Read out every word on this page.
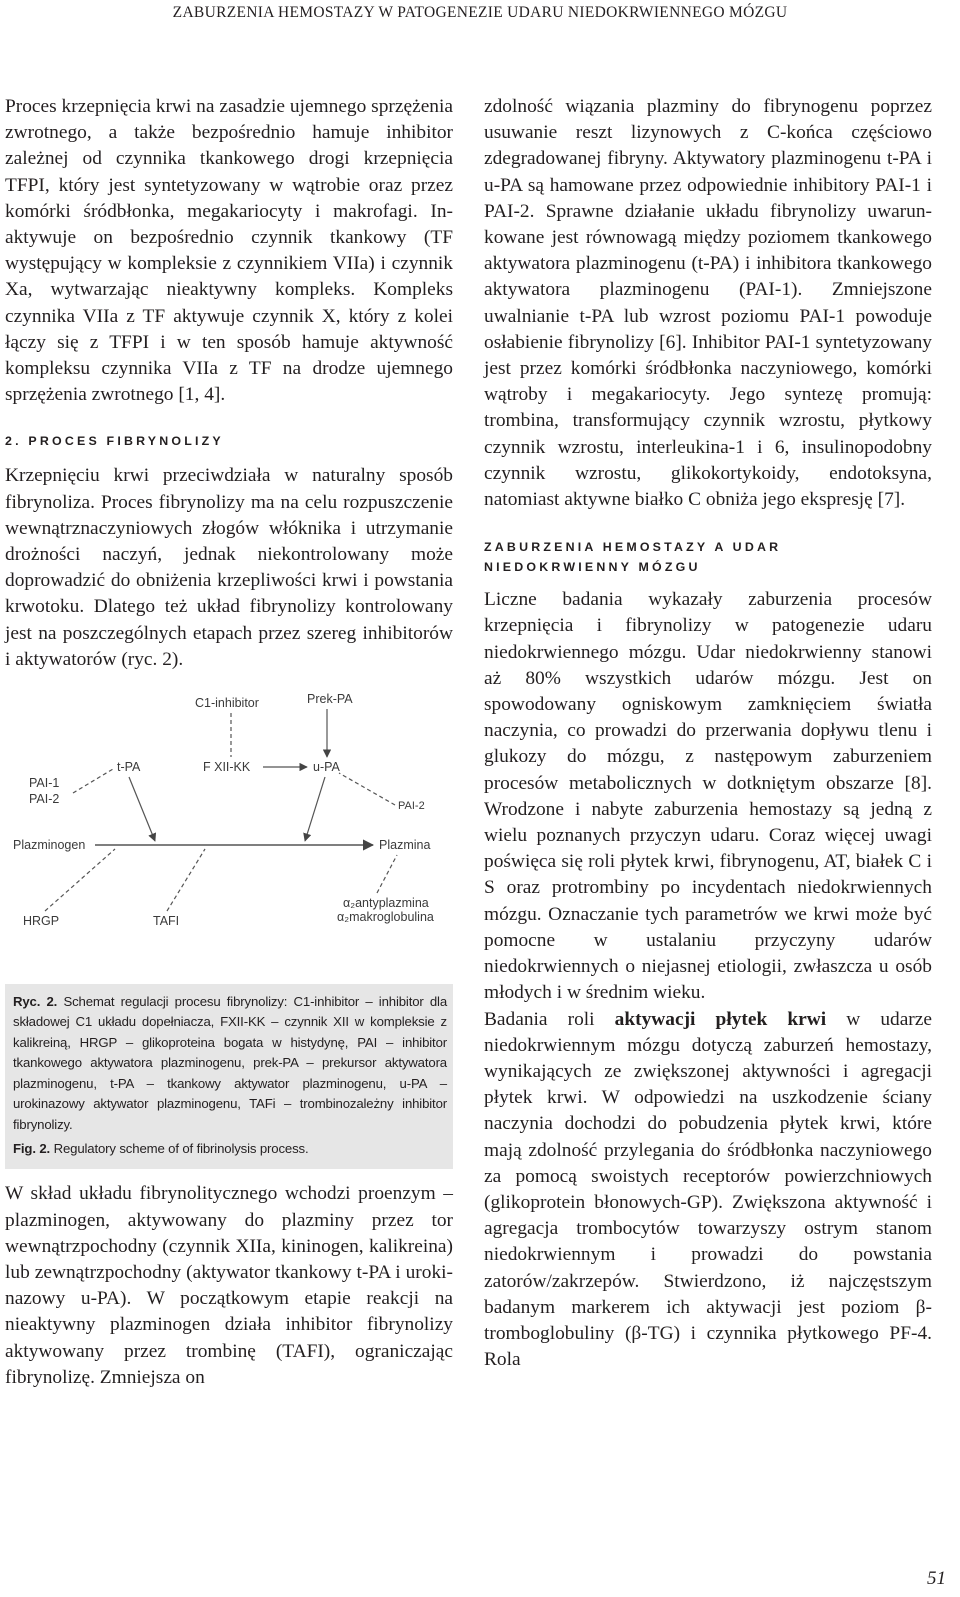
ZABURZENIA HEMOSTAZY W PATOGENEZIE UDARU NIEDOKRWIENNEGO MÓZGU

Proces krzepnięcia krwi na zasadzie ujemnego sprzężenia zwrotnego, a także bezpośrednio hamuje inhibitor zależnej od czynnika tkankowego drogi krzepnięcia TFPI, który jest syntetyzowany w wątrobie oraz przez komórki śródbłonka, megakariocyty i makrofagi. Inaktywuje on bezpośrednio czynnik tkankowy (TF występujący w kompleksie z czynnikiem VIIa) i czynnik Xa, wytwarzając nieaktywny kompleks. Kompleks czynnika VIIa z TF aktywuje czynnik X, który z kolei łączy się z TFPI i w ten sposób hamuje aktywność kompleksu czynnika VIIa z TF na drodze ujemnego sprzężenia zwrotnego [1, 4].

2. PROCES FIBRYNOLIZY

Krzepnięciu krwi przeciwdziała w naturalny sposób fibrynoliza. Proces fibrynolizy ma na celu rozpuszczenie wewnątrznaczyniowych złogów włóknika i utrzymanie drożności naczyń, jednak niekontrolowany może doprowadzić do obniżenia krzepliwości krwi i powstania krwotoku. Dlatego też układ fibrynolizy kontrolowany jest na poszczególnych etapach przez szereg inhibitorów i aktywatorów (ryc. 2).

C1-inhibitor	Prek-PA
t-PA	F XII-KK	u-PA
PAI-1
PAI-2	PAI-2
Plazminogen	Plazmina
α₂antyplazmina
α₂makroglobulina
HRGP	TAFI
Ryc. 2. Schemat regulacji procesu fibrynolizy: C1-inhibitor – inhibitor dla składowej C1 układu dopełniacza, FXII-KK – czynnik XII w kompleksie z kalikreiną, HRGP – glikoproteina bogata w histydynę, PAI – inhibitor tkankowego aktywatora plazminogenu, prek-PA – prekursor aktywatora plazminogenu, t-PA – tkankowy aktywator plazminogenu, u-PA – urokinazowy aktywator plazminogenu, TAFi – trombinozależny inhibitor fibrynolizy.
Fig. 2. Regulatory scheme of of fibrinolysis process.

W skład układu fibrynolitycznego wchodzi proenzym – plazminogen, aktywowany do plazminy przez tor wewnątrzpochodny (czynnik XIIa, kininogen, kalikreina) lub zewnątrzpochodny (aktywator tkankowy t-PA i urokinazowy u-PA). W początkowym etapie reakcji na nieaktywny plazminogen działa inhibitor fibrynolizy aktywowany przez trombinę (TAFI), ograniczając fibrynolizę. Zmniejsza on

zdolność wiązania plazminy do fibrynogenu poprzez usuwanie reszt lizynowych z C-końca częściowo zdegradowanej fibryny. Aktywatory plazminogenu t-PA i u-PA są hamowane przez odpowiednie inhibitory PAI-1 i PAI-2. Sprawne działanie układu fibrynolizy uwarunkowane jest równowagą między poziomem tkankowego aktywatora plazminogenu (t-PA) i inhibitora tkankowego aktywatora plazminogenu (PAI-1). Zmniejszone uwalnianie t-PA lub wzrost poziomu PAI-1 powoduje osłabienie fibrynolizy [6]. Inhibitor PAI-1 syntetyzowany jest przez komórki śródbłonka naczyniowego, komórki wątroby i megakariocyty. Jego syntezę promują: trombina, transformujący czynnik wzrostu, płytkowy czynnik wzrostu, interleukina-1 i 6, insulinopodobny czynnik wzrostu, glikokortykoidy, endotoksyna, natomiast aktywne białko C obniża jego ekspresję [7].

ZABURZENIA HEMOSTAZY A UDAR
NIEDOKRWIENNY MÓZGU

Liczne badania wykazały zaburzenia procesów krzepnięcia i fibrynolizy w patogenezie udaru niedokrwiennego mózgu. Udar niedokrwienny stanowi aż 80% wszystkich udarów mózgu. Jest on spowodowany ogniskowym zamknięciem światła naczynia, co prowadzi do przerwania dopływu tlenu i glukozy do mózgu, z następowym zaburzeniem procesów metabolicznych w dotkniętym obszarze [8]. Wrodzone i nabyte zaburzenia hemostazy są jedną z wielu poznanych przyczyn udaru. Coraz więcej uwagi poświęca się roli płytek krwi, fibrynogenu, AT, białek C i S oraz protrombiny po incydentach niedokrwiennych mózgu. Oznaczanie tych parametrów we krwi może być pomocne w ustalaniu przyczyny udarów niedokrwiennych o niejasnej etiologii, zwłaszcza u osób młodych i w średnim wieku.

Badania roli aktywacji płytek krwi w udarze niedokrwiennym mózgu dotyczą zaburzeń hemostazy, wynikających ze zwiększonej aktywności i agregacji płytek krwi. W odpowiedzi na uszkodzenie ściany naczynia dochodzi do pobudzenia płytek krwi, które mają zdolność przylegania do śródbłonka naczyniowego za pomocą swoistych receptorów powierzchniowych (glikoprotein błonowych-GP). Zwiększona aktywność i agregacja trombocytów towarzyszy ostrym stanom niedokrwiennym i prowadzi do powstania zatorów/zakrzepów. Stwierdzono, iż najczęstszym badanym markerem ich aktywacji jest poziom β-tromboglobuliny (β-TG) i czynnika płytkowego PF-4. Rola

51
